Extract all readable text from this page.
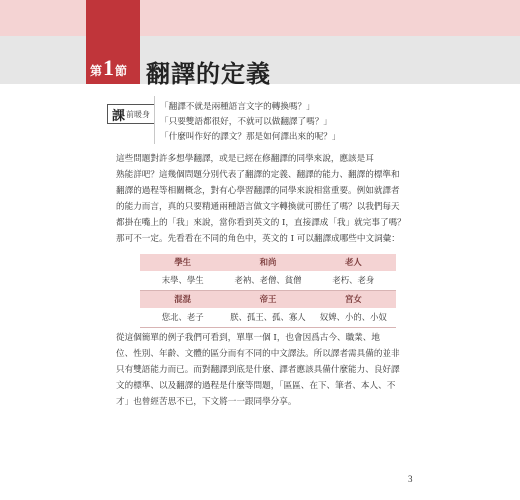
第 1 節 翻譯的定義
課 前暖身
「翻譯不就是兩種語言文字的轉換嗎？」
「只要雙語都很好，不就可以做翻譯了嗎？」
「什麼叫作好的譯文？那是如何譯出來的呢？」
這些問題對許多想學翻譯，或是已經在修翻譯的同學來說，應該是耳
熟能詳吧？這幾個問題分別代表了翻譯的定義、翻譯的能力、翻譯的標準和
翻譯的過程等相關概念，對有心學習翻譯的同學來說相當重要。例如就譯者
的能力而言，真的只要精通兩種語言做文字轉換就可勝任了嗎？以我們每天
都掛在嘴上的「我」來說，當你看到英文的 I，直接譯成「我」就完事了嗎？
那可不一定。先看看在不同的角色中，英文的 I 可以翻譯成哪些中文詞彙：
學生	和尚	老人
末學、學生	老衲、老僧、貧僧	老朽、老身
混混	帝王	宮女
您北、老子	朕、孤王、孤、寡人	奴婢、小的、小奴
從這個簡單的例子我們可看到，單單一個 I，也會因爲古今、職業、地
位、性別、年齡、文體的區分而有不同的中文譯法。所以譯者需具備的並非
只有雙語能力而已。而對翻譯到底是什麼、譯者應該具備什麼能力、良好譯
文的標準、以及翻譯的過程是什麼等問題，「區區、在下、筆者、本人、不
才」也曾經苦思不已，下文將一一跟同學分享。
3
